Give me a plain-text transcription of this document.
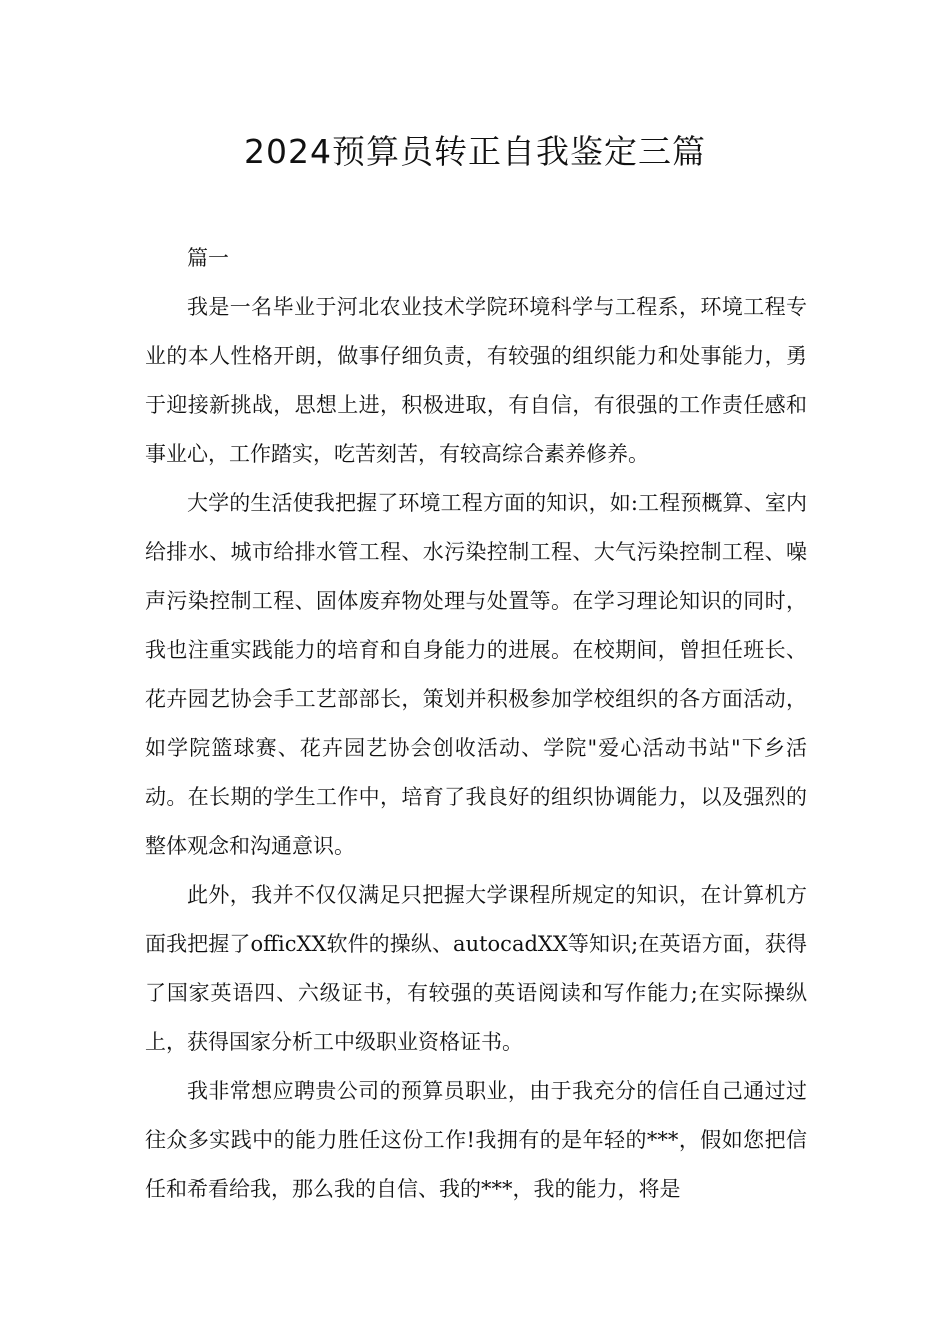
2024预算员转正自我鉴定三篇

篇一

我是一名毕业于河北农业技术学院环境科学与工程系，环境工程专业的本人性格开朗，做事仔细负责，有较强的组织能力和处事能力，勇于迎接新挑战，思想上进，积极进取，有自信，有很强的工作责任感和事业心，工作踏实，吃苦刻苦，有较高综合素养修养。

大学的生活使我把握了环境工程方面的知识，如:工程预概算、室内给排水、城市给排水管工程、水污染控制工程、大气污染控制工程、噪声污染控制工程、固体废弃物处理与处置等。在学习理论知识的同时，我也注重实践能力的培育和自身能力的进展。在校期间，曾担任班长、花卉园艺协会手工艺部部长，策划并积极参加学校组织的各方面活动，如学院篮球赛、花卉园艺协会创收活动、学院"爱心活动书站"下乡活动。在长期的学生工作中，培育了我良好的组织协调能力，以及强烈的整体观念和沟通意识。

此外，我并不仅仅满足只把握大学课程所规定的知识，在计算机方面我把握了officXX软件的操纵、autocadXX等知识;在英语方面，获得了国家英语四、六级证书，有较强的英语阅读和写作能力;在实际操纵上，获得国家分析工中级职业资格证书。

我非常想应聘贵公司的预算员职业，由于我充分的信任自己通过过往众多实践中的能力胜任这份工作!我拥有的是年轻的***，假如您把信任和希看给我，那么我的自信、我的***，我的能力，将是
